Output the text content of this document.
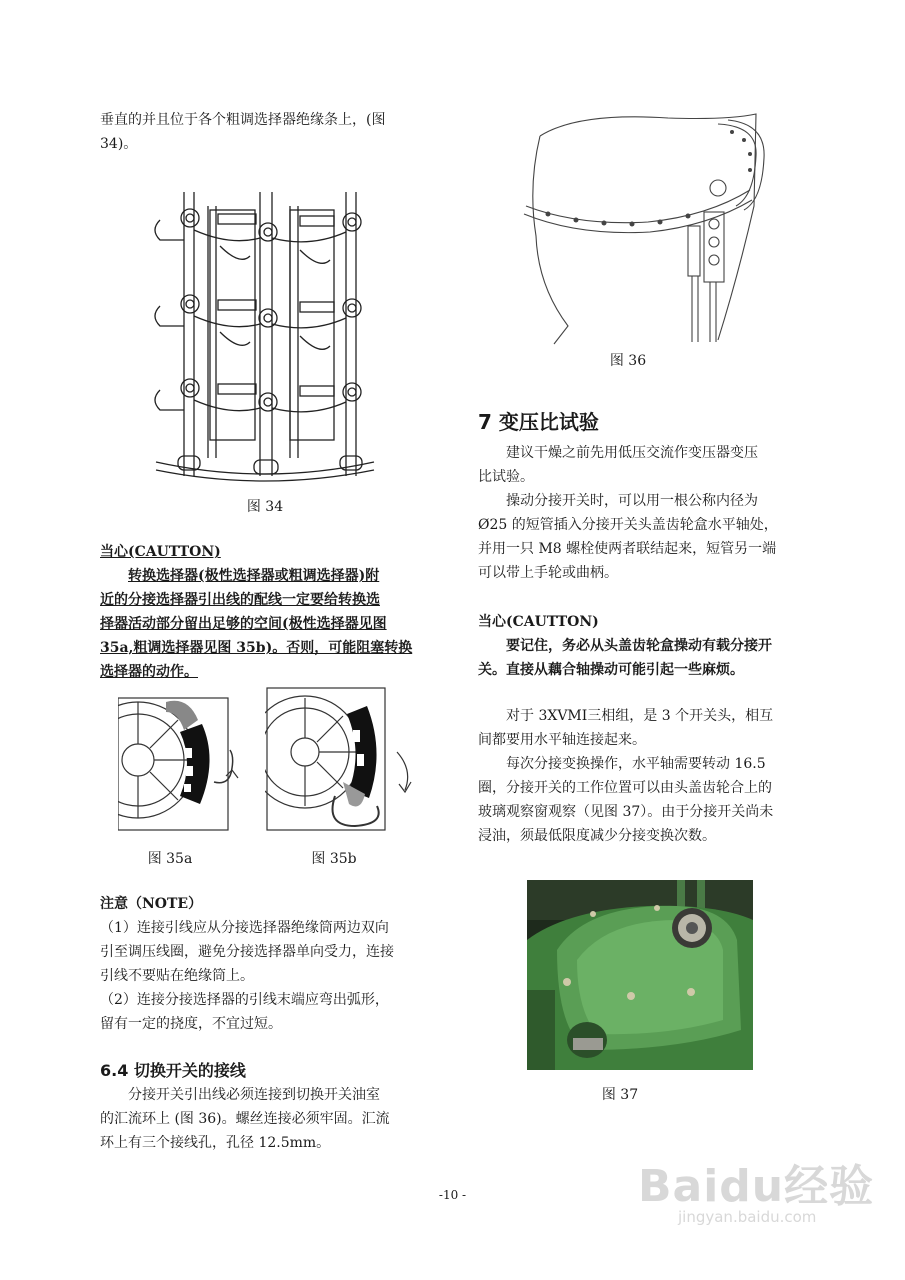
垂直的并且位于各个粗调选择器绝缘条上，(图

34)。

图 34

当心(CAUTTON)

转换选择器(极性选择器或粗调选择器)附

近的分接选择器引出线的配线一定要给转换选

择器活动部分留出足够的空间(极性选择器见图

35a,粗调选择器见图 35b)。否则，可能阻塞转换

选择器的动作。

图 35a	图 35b

注意（NOTE）

（1）连接引线应从分接选择器绝缘筒两边双向

引至调压线圈，避免分接选择器单向受力，连接

引线不要贴在绝缘筒上。

（2）连接分接选择器的引线末端应弯出弧形，

留有一定的挠度，不宜过短。

6.4 切换开关的接线

分接开关引出线必须连接到切换开关油室

的汇流环上 (图 36)。螺丝连接必须牢固。汇流

环上有三个接线孔，孔径 12.5mm。

图 36

7 变压比试验

建议干燥之前先用低压交流作变压器变压

比试验。

操动分接开关时，可以用一根公称内径为

Ø25 的短管插入分接开关头盖齿轮盒水平轴处，

并用一只 M8 螺栓使两者联结起来，短管另一端

可以带上手轮或曲柄。

当心(CAUTTON)

要记住，务必从头盖齿轮盒操动有载分接开

关。直接从藕合轴操动可能引起一些麻烦。

对于 3XVMⅠ三相组，是 3 个开关头，相互

间都要用水平轴连接起来。

每次分接变换操作，水平轴需要转动 16.5

圈，分接开关的工作位置可以由头盖齿轮合上的

玻璃观察窗观察（见图 37）。由于分接开关尚未

浸油，须最低限度减少分接变换次数。

图 37

-10 -	Baidu经验
jingyan.baidu.com
